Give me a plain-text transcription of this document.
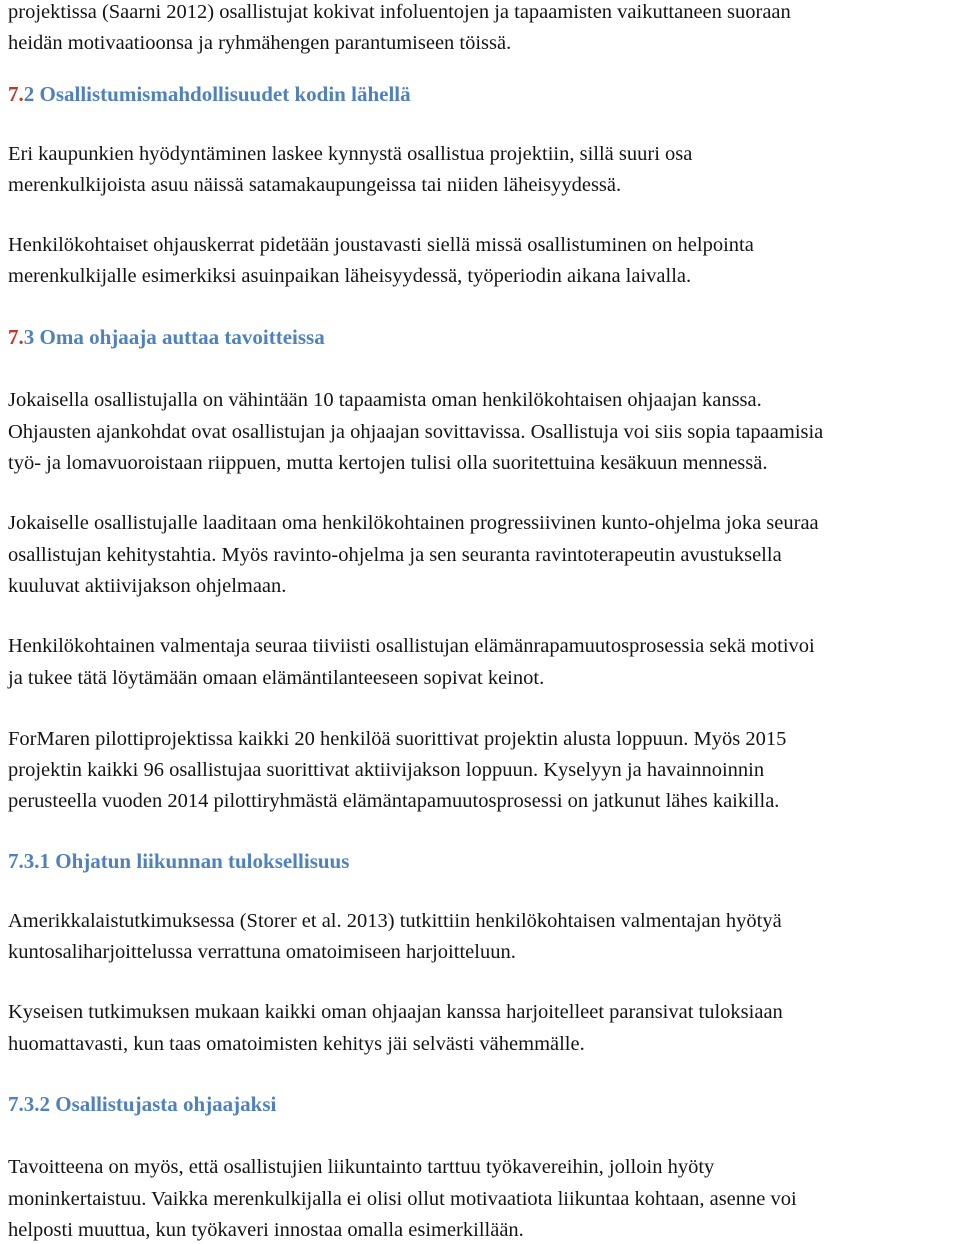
projektissa (Saarni 2012) osallistujat kokivat infoluentojen ja tapaamisten vaikuttaneen suoraan

heidän motivaatioonsa ja ryhmähengen parantumiseen töissä.

7.2 Osallistumismahdollisuudet kodin lähellä

Eri kaupunkien hyödyntäminen laskee kynnystä osallistua projektiin, sillä suuri osa

merenkulkijoista asuu näissä satamakaupungeissa tai niiden läheisyydessä.

Henkilökohtaiset ohjauskerrat pidetään joustavasti siellä missä osallistuminen on helpointa

merenkulkijalle esimerkiksi asuinpaikan läheisyydessä, työperiodin aikana laivalla.

7.3 Oma ohjaaja auttaa tavoitteissa

Jokaisella osallistujalla on vähintään 10 tapaamista oman henkilökohtaisen ohjaajan kanssa.

Ohjausten ajankohdat ovat osallistujan ja ohjaajan sovittavissa. Osallistuja voi siis sopia tapaamisia

työ- ja lomavuoroistaan riippuen, mutta kertojen tulisi olla suoritettuina kesäkuun mennessä.

Jokaiselle osallistujalle laaditaan oma henkilökohtainen progressiivinen kunto-ohjelma joka seuraa

osallistujan kehitystahtia. Myös ravinto-ohjelma ja sen seuranta ravintoterapeutin avustuksella

kuuluvat aktiivijakson ohjelmaan.

Henkilökohtainen valmentaja seuraa tiiviisti osallistujan elämänrapamuutosprosessia sekä motivoi

ja tukee tätä löytämään omaan elämäntilanteeseen sopivat keinot.

ForMaren pilottiprojektissa kaikki 20 henkilöä suorittivat projektin alusta loppuun. Myös 2015

projektin kaikki 96 osallistujaa suorittivat aktiivijakson loppuun. Kyselyyn ja havainnoinnin

perusteella vuoden 2014 pilottiryhmästä elämäntapamuutosprosessi on jatkunut lähes kaikilla.

7.3.1 Ohjatun liikunnan tuloksellisuus

Amerikkalaistutkimuksessa (Storer et al. 2013) tutkittiin henkilökohtaisen valmentajan hyötyä

kuntosaliharjoittelussa verrattuna omatoimiseen harjoitteluun.

Kyseisen tutkimuksen mukaan kaikki oman ohjaajan kanssa harjoitelleet paransivat tuloksiaan

huomattavasti, kun taas omatoimisten kehitys jäi selvästi vähemmälle.

7.3.2 Osallistujasta ohjaajaksi

Tavoitteena on myös, että osallistujien liikuntainto tarttuu työkavereihin, jolloin hyöty

moninkertaistuu. Vaikka merenkulkijalla ei olisi ollut motivaatiota liikuntaa kohtaan, asenne voi

helposti muuttua, kun työkaveri innostaa omalla esimerkillään.
